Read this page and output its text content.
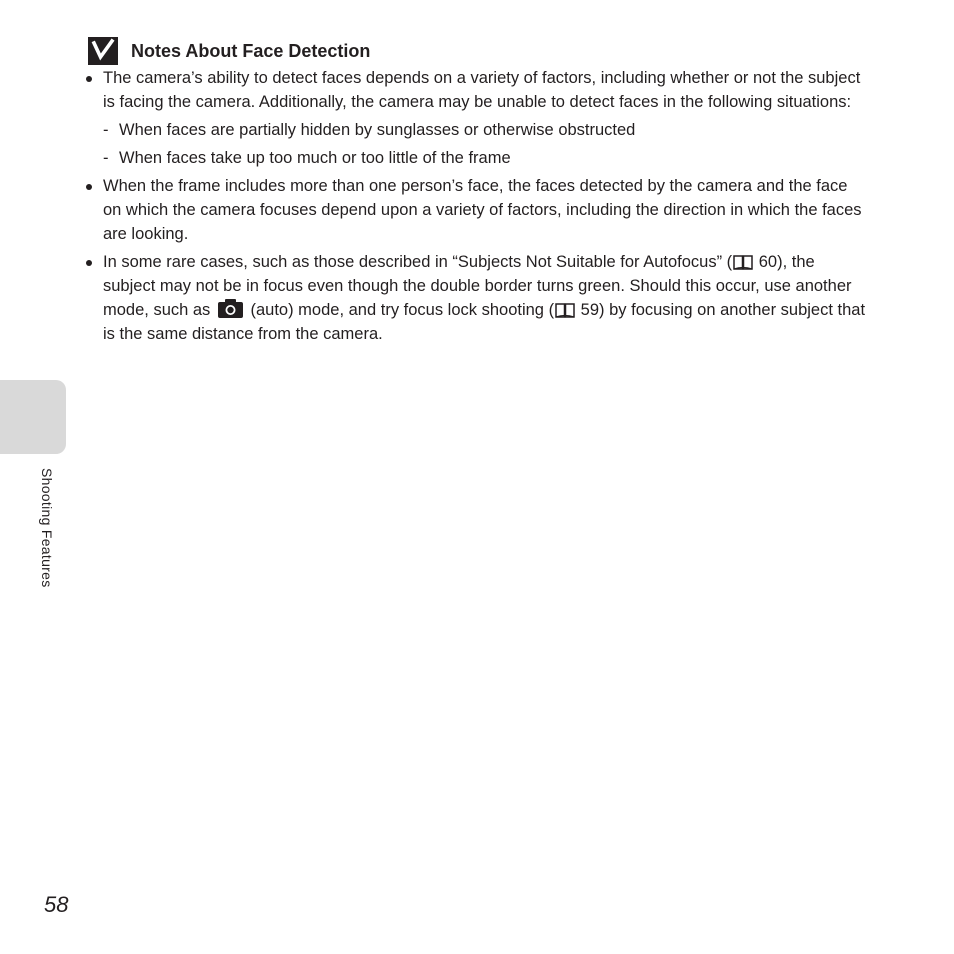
Notes About Face Detection
The camera’s ability to detect faces depends on a variety of factors, including whether or not the subject is facing the camera. Additionally, the camera may be unable to detect faces in the following situations:
- When faces are partially hidden by sunglasses or otherwise obstructed
- When faces take up too much or too little of the frame
When the frame includes more than one person’s face, the faces detected by the camera and the face on which the camera focuses depend upon a variety of factors, including the direction in which the faces are looking.
In some rare cases, such as those described in “Subjects Not Suitable for Autofocus” ( 60), the subject may not be in focus even though the double border turns green. Should this occur, use another mode, such as (auto) mode, and try focus lock shooting ( 59) by focusing on another subject that is the same distance from the camera.
Shooting Features
58
